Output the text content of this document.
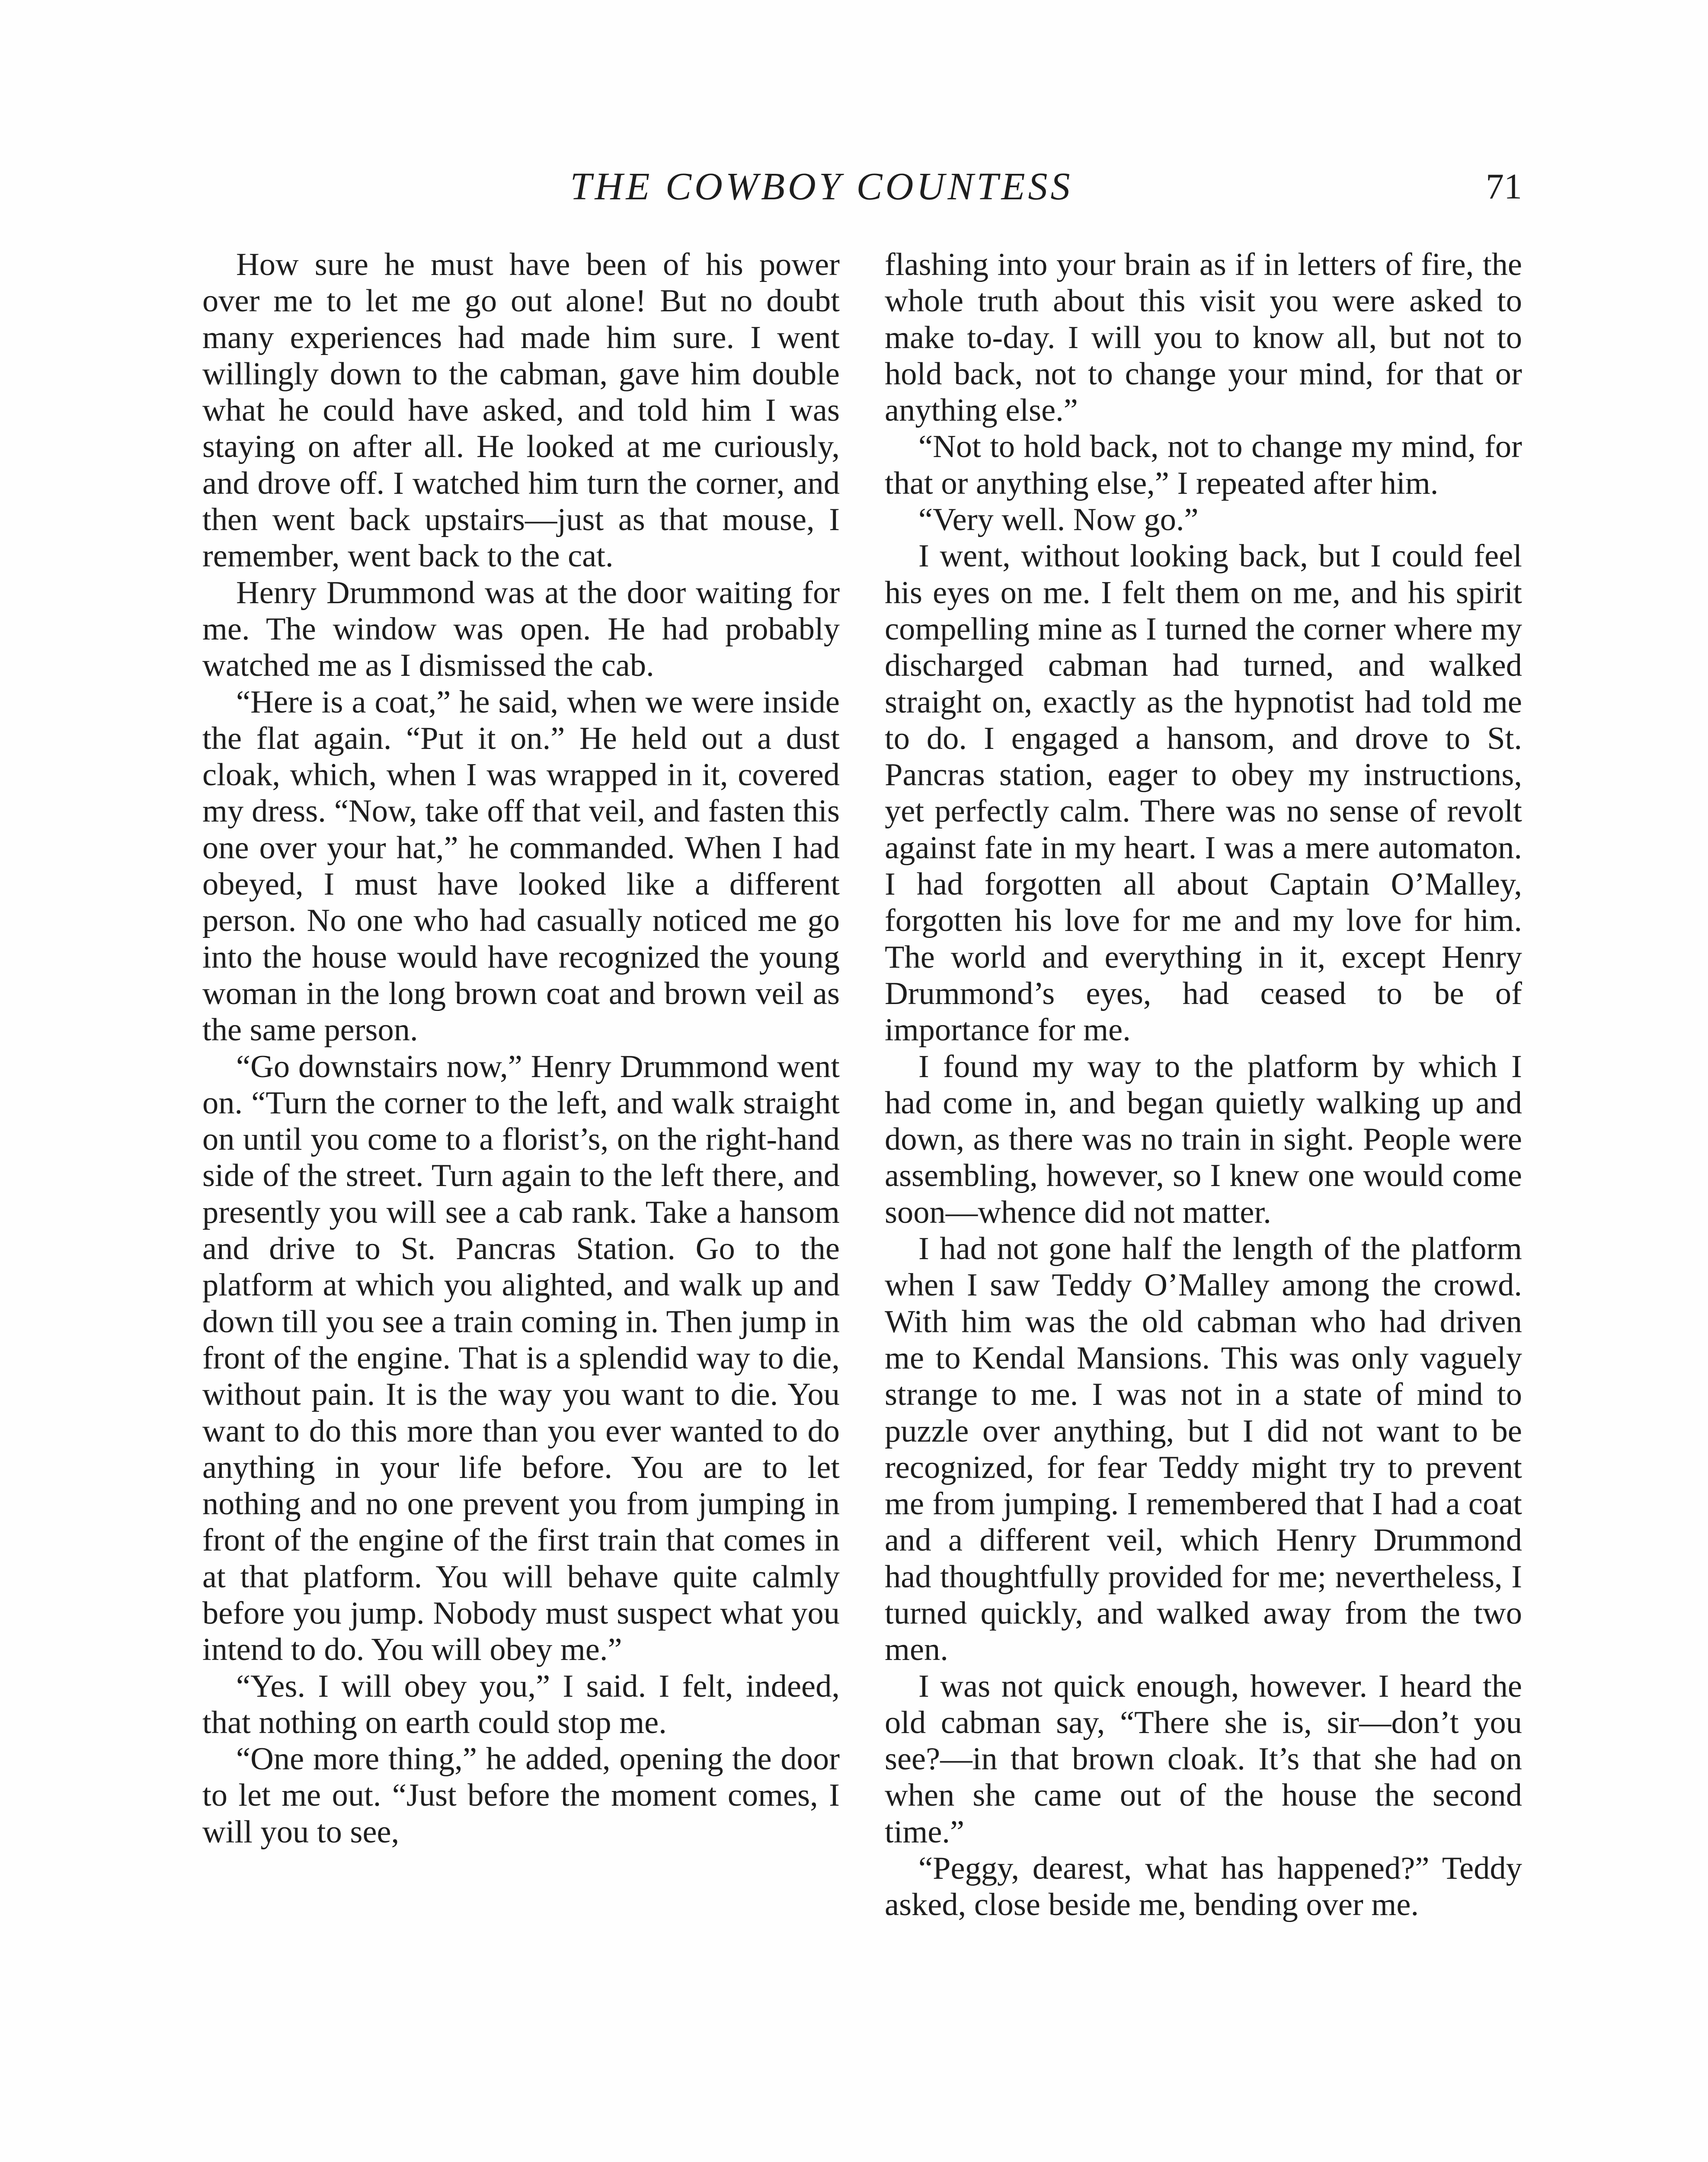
THE COWBOY COUNTESS	71

How sure he must have been of his power over me to let me go out alone! But no doubt many experiences had made him sure. I went willingly down to the cabman, gave him double what he could have asked, and told him I was staying on after all. He looked at me curiously, and drove off. I watched him turn the corner, and then went back upstairs—just as that mouse, I remember, went back to the cat.

Henry Drummond was at the door waiting for me. The window was open. He had probably watched me as I dismissed the cab.

“Here is a coat,” he said, when we were inside the flat again. “Put it on.” He held out a dust cloak, which, when I was wrapped in it, covered my dress. “Now, take off that veil, and fasten this one over your hat,” he commanded. When I had obeyed, I must have looked like a different person. No one who had casually noticed me go into the house would have recognized the young woman in the long brown coat and brown veil as the same person.

“Go downstairs now,” Henry Drummond went on. “Turn the corner to the left, and walk straight on until you come to a florist’s, on the right-hand side of the street. Turn again to the left there, and presently you will see a cab rank. Take a hansom and drive to St. Pancras Station. Go to the platform at which you alighted, and walk up and down till you see a train coming in. Then jump in front of the engine. That is a splendid way to die, without pain. It is the way you want to die. You want to do this more than you ever wanted to do anything in your life before. You are to let nothing and no one prevent you from jumping in front of the engine of the first train that comes in at that platform. You will behave quite calmly before you jump. Nobody must suspect what you intend to do. You will obey me.”

“Yes. I will obey you,” I said. I felt, indeed, that nothing on earth could stop me.

“One more thing,” he added, opening the door to let me out. “Just before the moment comes, I will you to see,

flashing into your brain as if in letters of fire, the whole truth about this visit you were asked to make to-day. I will you to know all, but not to hold back, not to change your mind, for that or anything else.”

“Not to hold back, not to change my mind, for that or anything else,” I repeated after him.

“Very well. Now go.”

I went, without looking back, but I could feel his eyes on me. I felt them on me, and his spirit compelling mine as I turned the corner where my discharged cabman had turned, and walked straight on, exactly as the hypnotist had told me to do. I engaged a hansom, and drove to St. Pancras station, eager to obey my instructions, yet perfectly calm. There was no sense of revolt against fate in my heart. I was a mere automaton. I had forgotten all about Captain O’Malley, forgotten his love for me and my love for him. The world and everything in it, except Henry Drummond’s eyes, had ceased to be of importance for me.

I found my way to the platform by which I had come in, and began quietly walking up and down, as there was no train in sight. People were assembling, however, so I knew one would come soon—whence did not matter.

I had not gone half the length of the platform when I saw Teddy O’Malley among the crowd. With him was the old cabman who had driven me to Kendal Mansions. This was only vaguely strange to me. I was not in a state of mind to puzzle over anything, but I did not want to be recognized, for fear Teddy might try to prevent me from jumping. I remembered that I had a coat and a different veil, which Henry Drummond had thoughtfully provided for me; nevertheless, I turned quickly, and walked away from the two men.

I was not quick enough, however. I heard the old cabman say, “There she is, sir—don’t you see?—in that brown cloak. It’s that she had on when she came out of the house the second time.”

“Peggy, dearest, what has happened?” Teddy asked, close beside me, bending over me.
